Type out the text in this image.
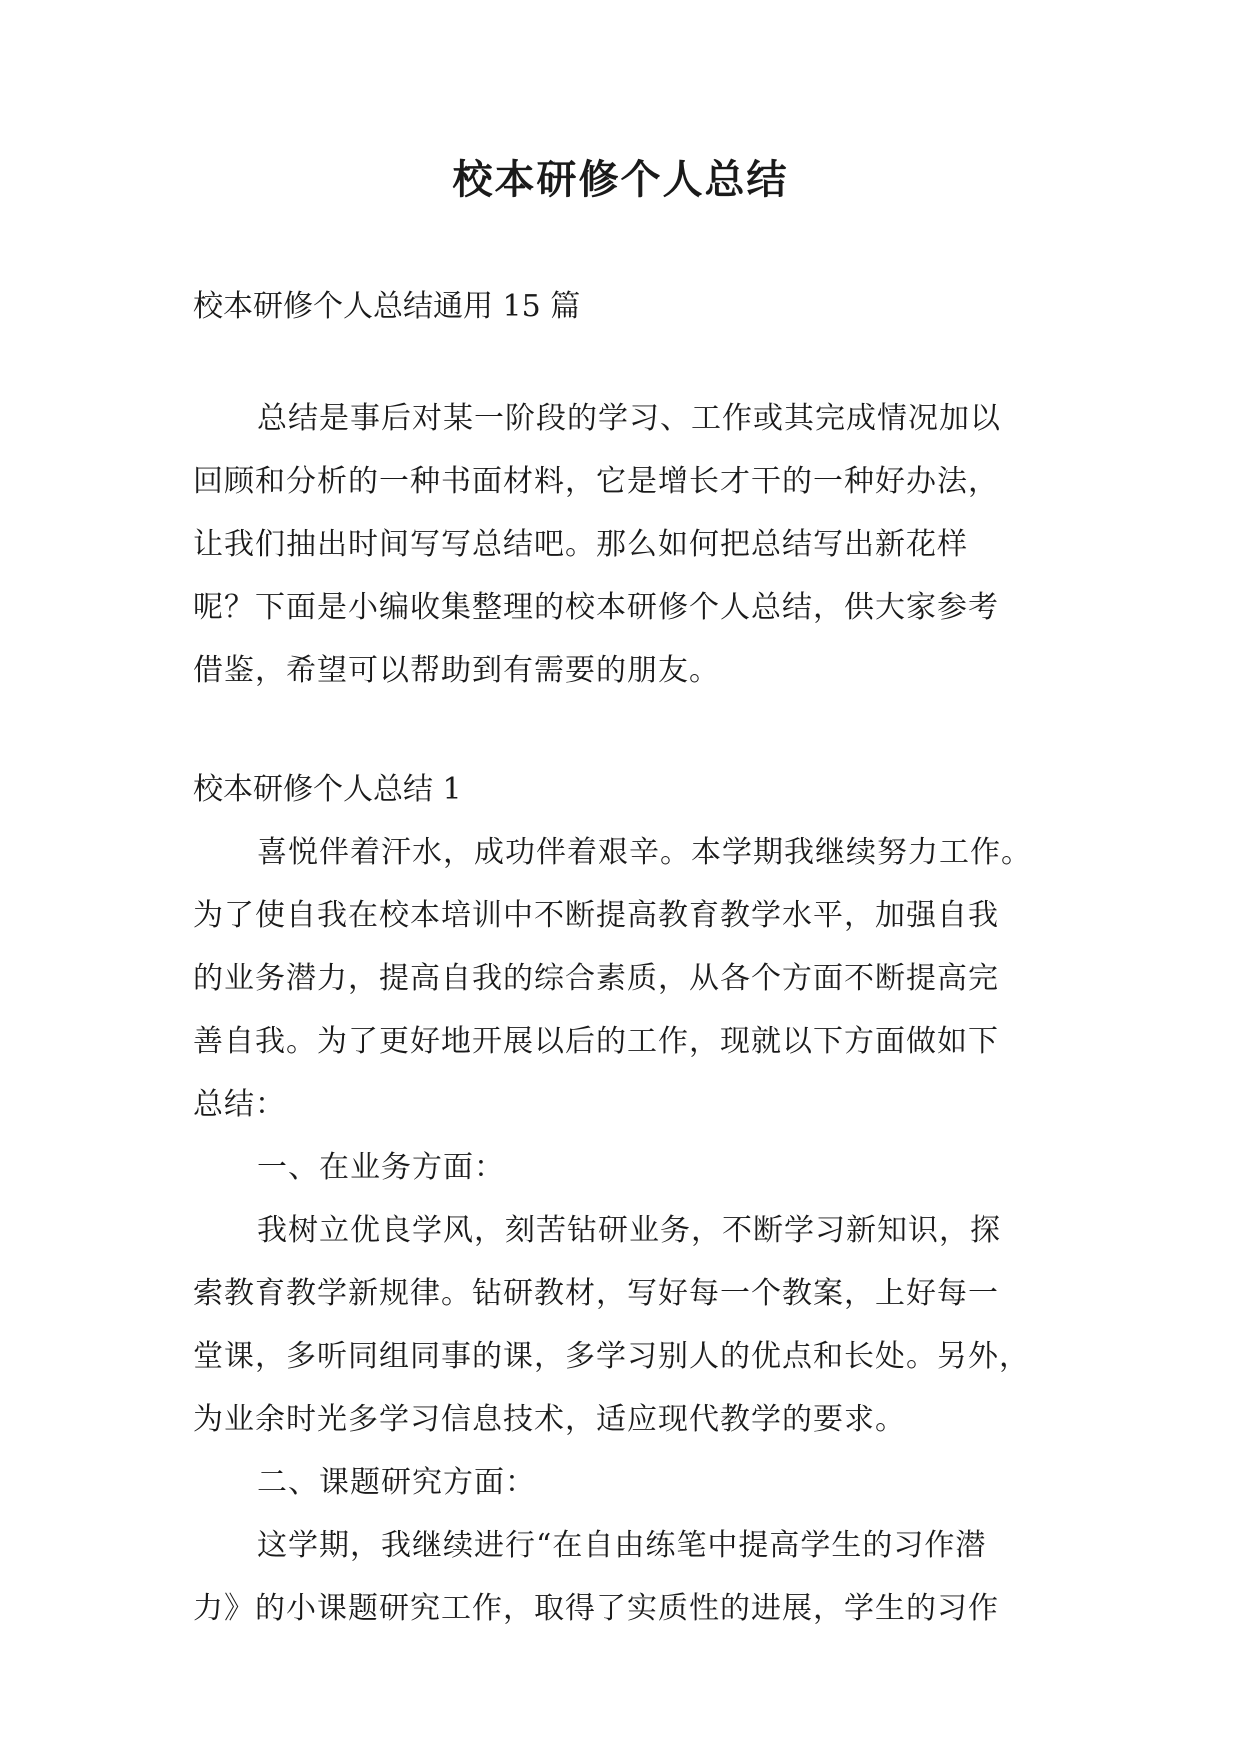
校本研修个人总结

校本研修个人总结通用 15 篇

总结是事后对某一阶段的学习、工作或其完成情况加以

回顾和分析的一种书面材料，它是增长才干的一种好办法，

让我们抽出时间写写总结吧。那么如何把总结写出新花样

呢？下面是小编收集整理的校本研修个人总结，供大家参考

借鉴，希望可以帮助到有需要的朋友。

校本研修个人总结 1

喜悦伴着汗水，成功伴着艰辛。本学期我继续努力工作。

为了使自我在校本培训中不断提高教育教学水平，加强自我

的业务潜力，提高自我的综合素质，从各个方面不断提高完

善自我。为了更好地开展以后的工作，现就以下方面做如下

总结：

一、在业务方面：

我树立优良学风，刻苦钻研业务，不断学习新知识，探

索教育教学新规律。钻研教材，写好每一个教案，上好每一

堂课，多听同组同事的课，多学习别人的优点和长处。另外，

为业余时光多学习信息技术，适应现代教学的要求。

二、课题研究方面：

这学期，我继续进行“在自由练笔中提高学生的习作潜

力》的小课题研究工作，取得了实质性的进展，学生的习作
